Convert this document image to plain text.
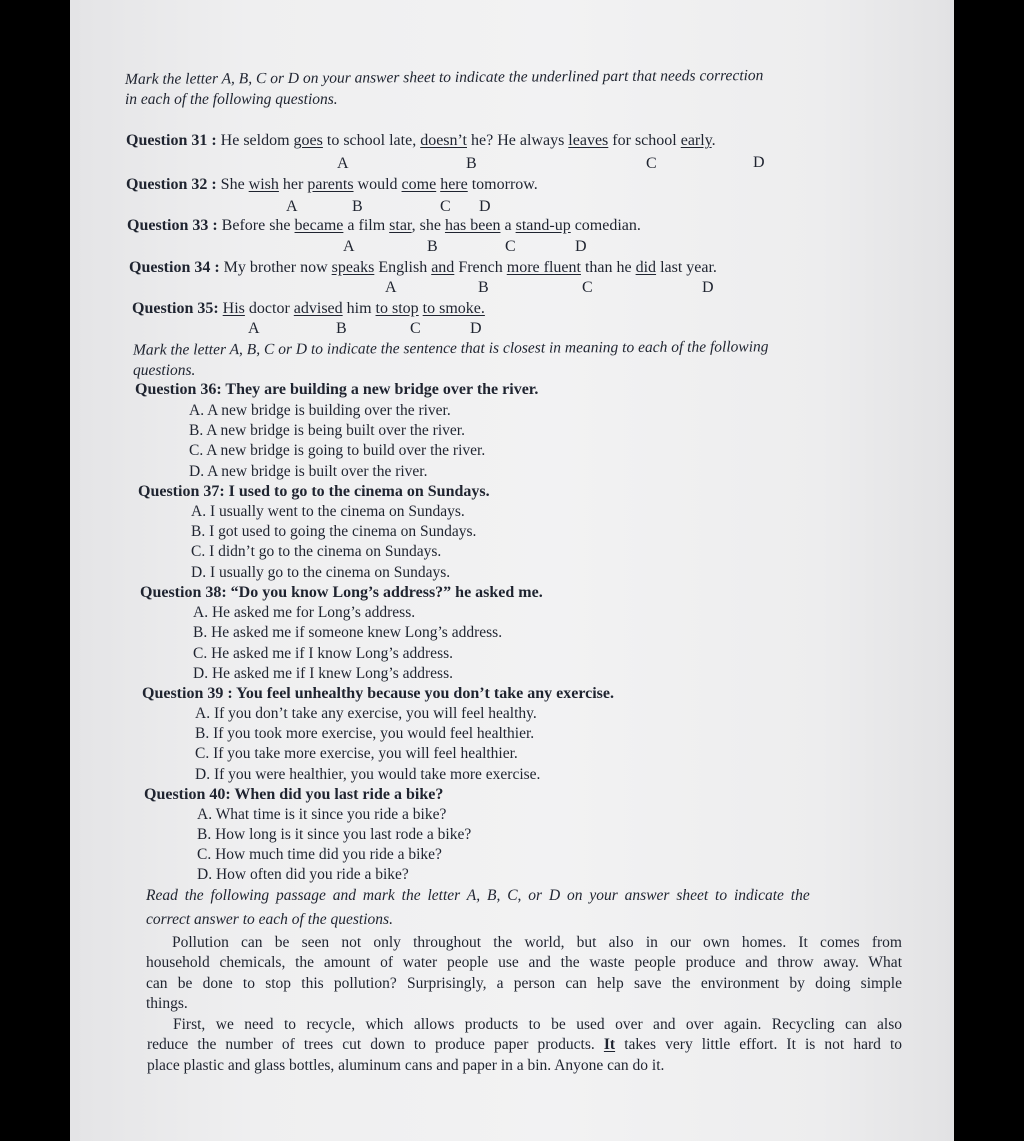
Mark the letter A, B, C or D on your answer sheet to indicate the underlined part that needs correction
in each of the following questions.
Question 31 : He seldom goes to school late, doesn’t he? He always leaves for school early.
A	B	C	D
Question 32 : She wish her parents would come here tomorrow.
A	B	C D
Question 33 : Before she became a film star, she has been a stand-up comedian.
A	B	C	D
Question 34 : My brother now speaks English and French more fluent than he did last year.
A	B	C	D
Question 35: His doctor advised him to stop to smoke.
A	B	C	D
Mark the letter A, B, C or D to indicate the sentence that is closest in meaning to each of the following
questions.
Question 36: They are building a new bridge over the river.
A. A new bridge is building over the river.
B. A new bridge is being built over the river.
C. A new bridge is going to build over the river.
D. A new bridge is built over the river.
Question 37: I used to go to the cinema on Sundays.
A. I usually went to the cinema on Sundays.
B. I got used to going the cinema on Sundays.
C. I didn’t go to the cinema on Sundays.
D. I usually go to the cinema on Sundays.
Question 38: “Do you know Long’s address?” he asked me.
A. He asked me for Long’s address.
B. He asked me if someone knew Long’s address.
C. He asked me if I know Long’s address.
D. He asked me if I knew Long’s address.
Question 39 : You feel unhealthy because you don’t take any exercise.
A. If you don’t take any exercise, you will feel healthy.
B. If you took more exercise, you would feel healthier.
C. If you take more exercise, you will feel healthier.
D. If you were healthier, you would take more exercise.
Question 40: When did you last ride a bike?
A. What time is it since you ride a bike?
B. How long is it since you last rode a bike?
C. How much time did you ride a bike?
D. How often did you ride a bike?
Read the following passage and mark the letter A, B, C, or D on your answer sheet to indicate the
correct answer to each of the questions.
Pollution can be seen not only throughout the world, but also in our own homes. It comes from
household chemicals, the amount of water people use and the waste people produce and throw away. What
can be done to stop this pollution? Surprisingly, a person can help save the environment by doing simple
things.
First, we need to recycle, which allows products to be used over and over again. Recycling can also
reduce the number of trees cut down to produce paper products. It takes very little effort. It is not hard to
place plastic and glass bottles, aluminum cans and paper in a bin. Anyone can do it.
